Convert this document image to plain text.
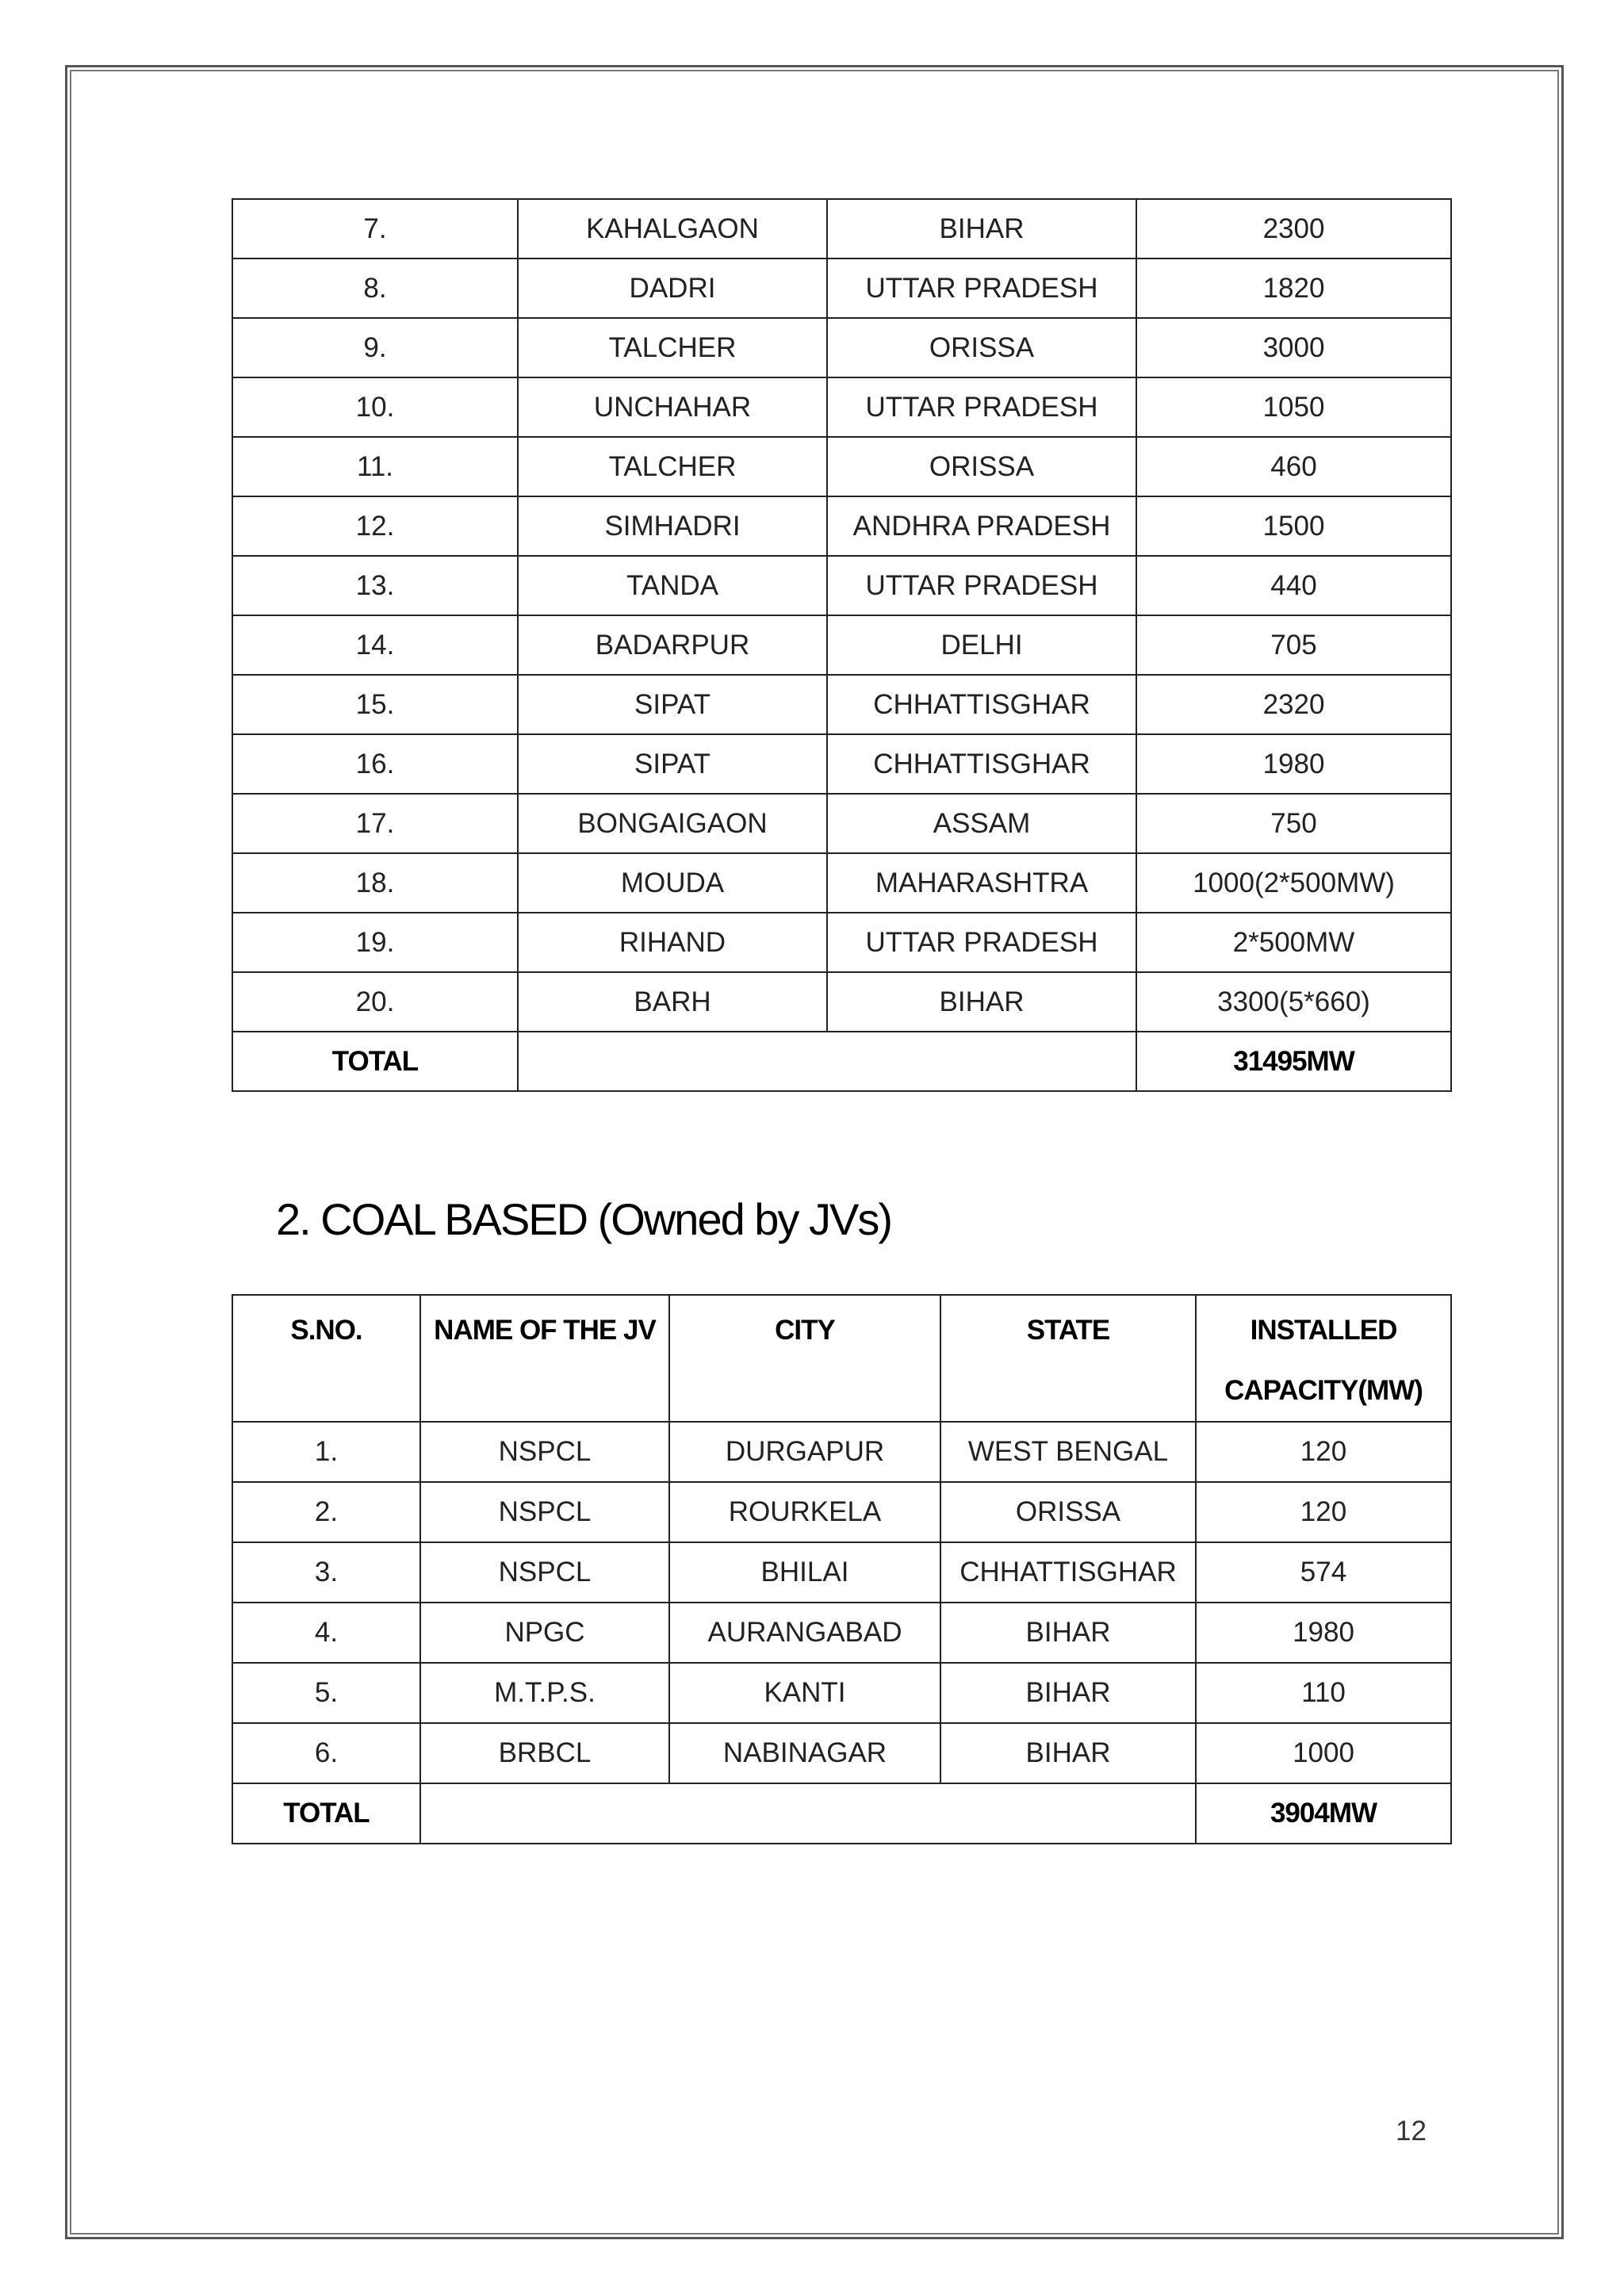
7.	KAHALGAON	BIHAR	2300
8.	DADRI	UTTAR PRADESH	1820
9.	TALCHER	ORISSA	3000
10.	UNCHAHAR	UTTAR PRADESH	1050
11.	TALCHER	ORISSA	460
12.	SIMHADRI	ANDHRA PRADESH	1500
13.	TANDA	UTTAR PRADESH	440
14.	BADARPUR	DELHI	705
15.	SIPAT	CHHATTISGHAR	2320
16.	SIPAT	CHHATTISGHAR	1980
17.	BONGAIGAON	ASSAM	750
18.	MOUDA	MAHARASHTRA	1000(2*500MW)
19.	RIHAND	UTTAR PRADESH	2*500MW
20.	BARH	BIHAR	3300(5*660)
TOTAL			31495MW
2. COAL BASED (Owned by JVs)
S.NO.	NAME OF THE JV	CITY	STATE	INSTALLED CAPACITY(MW)
1.	NSPCL	DURGAPUR	WEST BENGAL	120
2.	NSPCL	ROURKELA	ORISSA	120
3.	NSPCL	BHILAI	CHHATTISGHAR	574
4.	NPGC	AURANGABAD	BIHAR	1980
5.	M.T.P.S.	KANTI	BIHAR	110
6.	BRBCL	NABINAGAR	BIHAR	1000
TOTAL				3904MW
12
